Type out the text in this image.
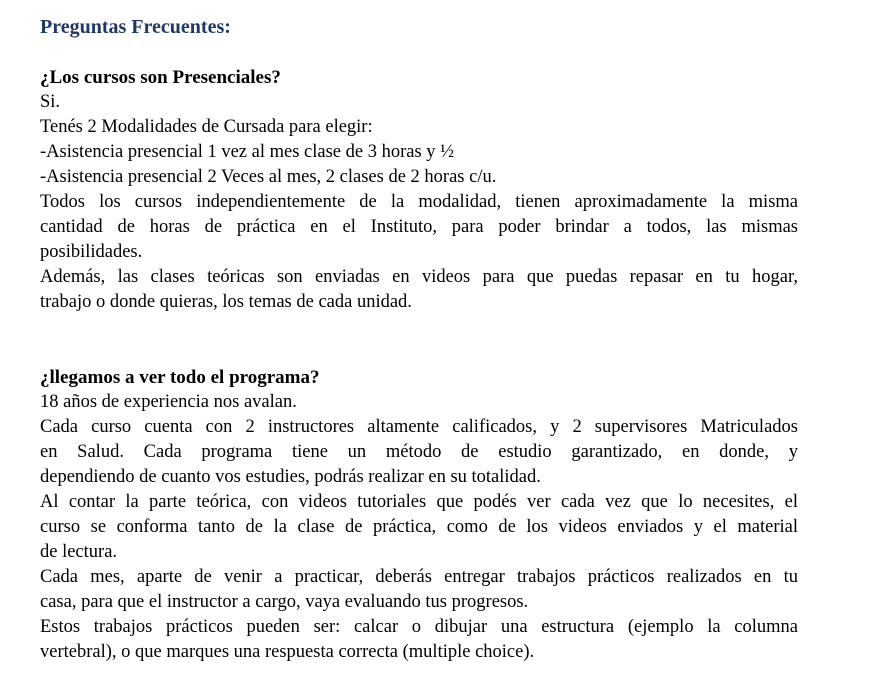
Preguntas Frecuentes:
¿Los cursos son Presenciales?
Si.
Tenés 2 Modalidades de Cursada para elegir:
-Asistencia presencial 1 vez al mes clase de 3 horas y ½
-Asistencia presencial 2 Veces al mes, 2 clases de 2 horas c/u.
Todos los cursos independientemente de la modalidad, tienen aproximadamente la misma
cantidad de horas de práctica en el Instituto, para poder brindar a todos, las mismas
posibilidades.
Además, las clases teóricas son enviadas en videos para que puedas repasar en tu hogar,
trabajo o donde quieras, los temas de cada unidad.
¿llegamos a ver todo el programa?
18 años de experiencia nos avalan.
Cada curso cuenta con 2 instructores altamente calificados, y 2 supervisores Matriculados
en Salud. Cada programa tiene un método de estudio garantizado, en donde, y
dependiendo de cuanto vos estudies, podrás realizar en su totalidad.
Al contar la parte teórica, con videos tutoriales que podés ver cada vez que lo necesites, el
curso se conforma tanto de la clase de práctica, como de los videos enviados y el material
de lectura.
Cada mes, aparte de venir a practicar, deberás entregar trabajos prácticos realizados en tu
casa, para que el instructor a cargo, vaya evaluando tus progresos.
Estos trabajos prácticos pueden ser: calcar o dibujar una estructura (ejemplo la columna
vertebral), o que marques una respuesta correcta (multiple choice).
